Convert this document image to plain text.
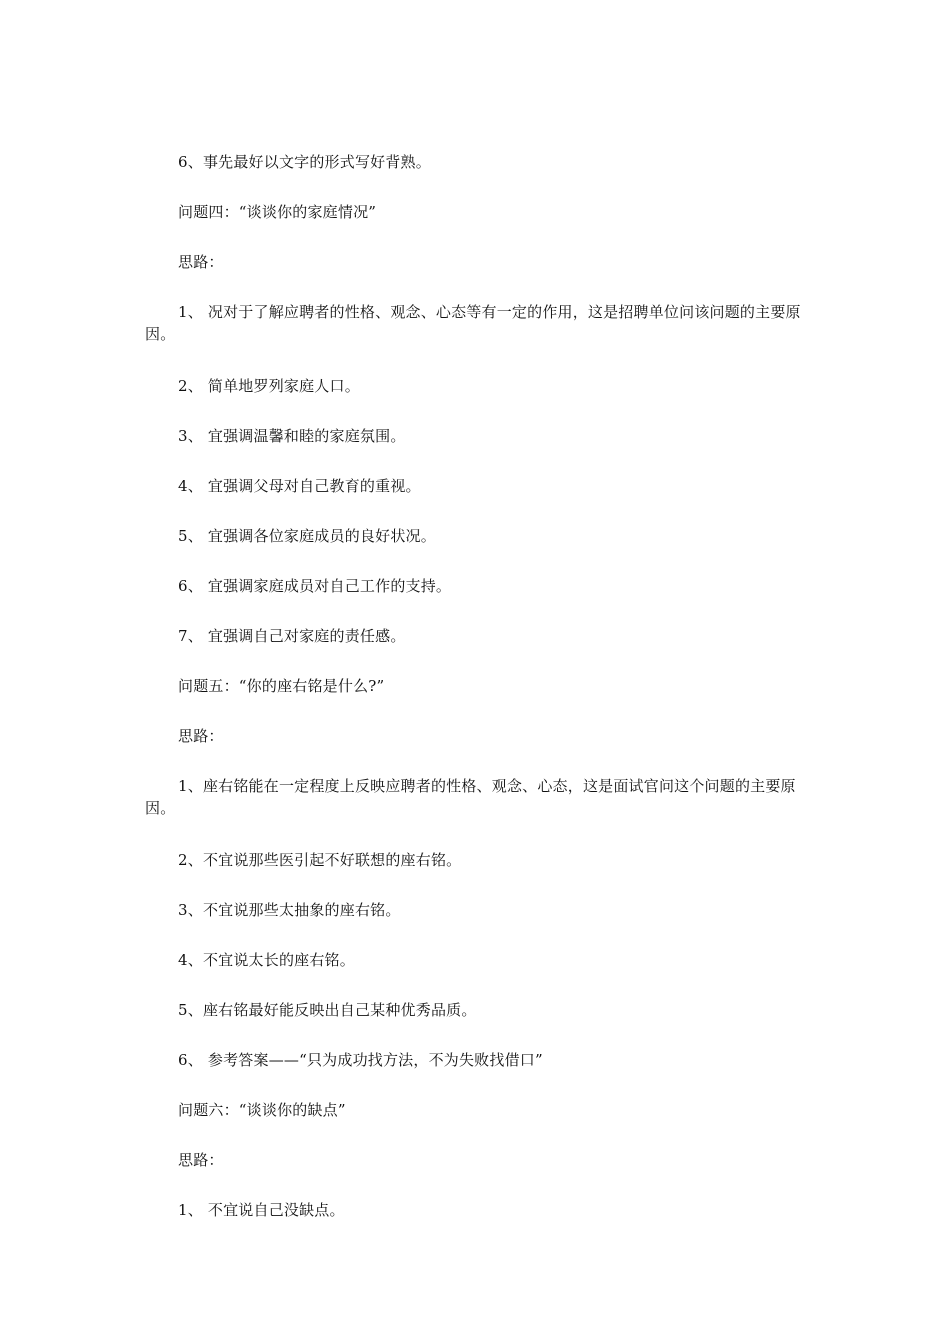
6、事先最好以文字的形式写好背熟。
问题四：“谈谈你的家庭情况”
思路：
1、 况对于了解应聘者的性格、观念、心态等有一定的作用，这是招聘单位问该问题的主要原因。
2、 简单地罗列家庭人口。
3、 宜强调温馨和睦的家庭氛围。
4、 宜强调父母对自己教育的重视。
5、 宜强调各位家庭成员的良好状况。
6、 宜强调家庭成员对自己工作的支持。
7、 宜强调自己对家庭的责任感。
问题五：“你的座右铭是什么?”
思路：
1、座右铭能在一定程度上反映应聘者的性格、观念、心态，这是面试官问这个问题的主要原因。
2、不宜说那些医引起不好联想的座右铭。
3、不宜说那些太抽象的座右铭。
4、不宜说太长的座右铭。
5、座右铭最好能反映出自己某种优秀品质。
6、 参考答案——“只为成功找方法，不为失败找借口”
问题六：“谈谈你的缺点”
思路：
1、 不宜说自己没缺点。
